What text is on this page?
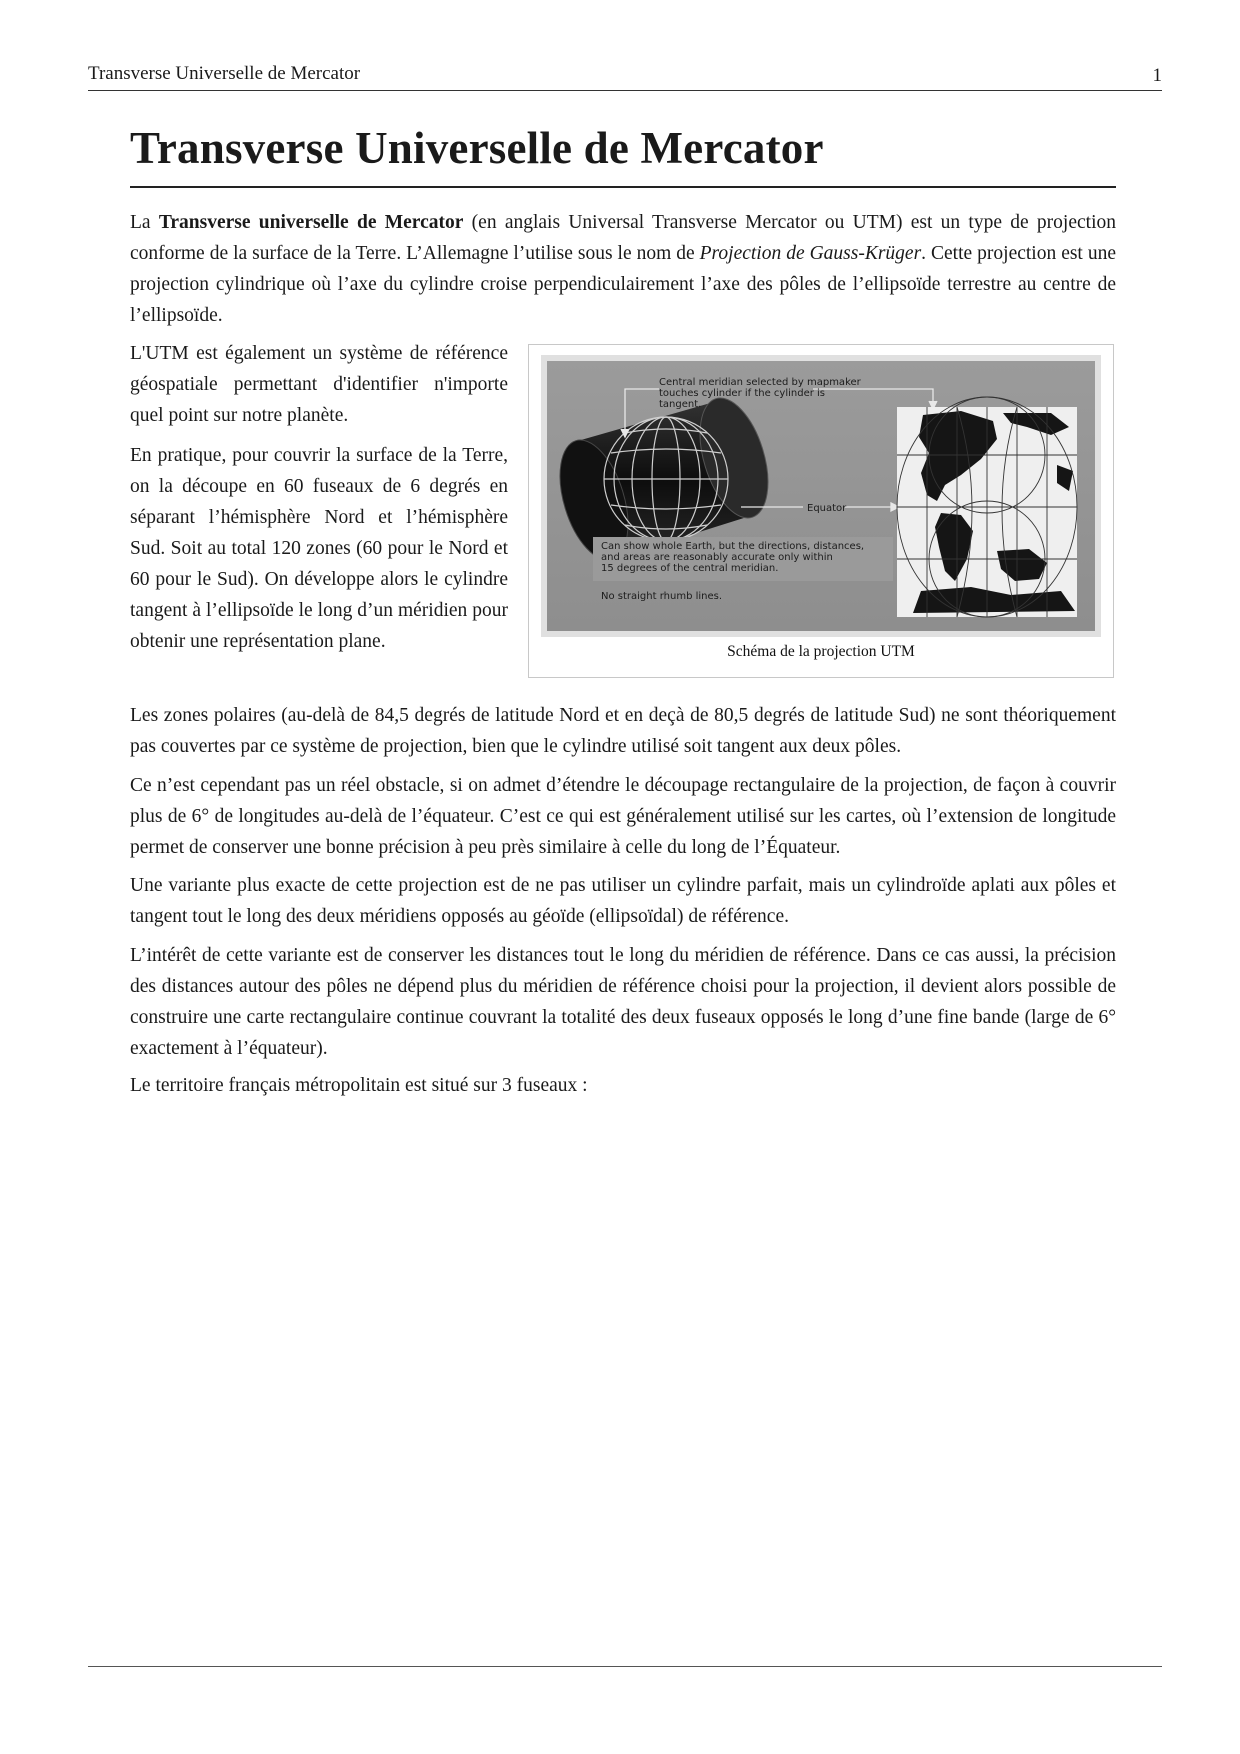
Transverse Universelle de Mercator	1
Transverse Universelle de Mercator

La Transverse universelle de Mercator (en anglais Universal Transverse Mercator ou UTM) est un type de projection conforme de la surface de la Terre. L’Allemagne l’utilise sous le nom de Projection de Gauss-Krüger. Cette projection est une projection cylindrique où l’axe du cylindre croise perpendiculairement l’axe des pôles de l’ellipsoïde terrestre au centre de l’ellipsoïde.

L'UTM est également un système de référence géospatiale permettant d'identifier n'importe quel point sur notre planète.

En pratique, pour couvrir la surface de la Terre, on la découpe en 60 fuseaux de 6 degrés en séparant l’hémisphère Nord et l’hémisphère Sud. Soit au total 120 zones (60 pour le Nord et 60 pour le Sud). On développe alors le cylindre tangent à l’ellipsoïde le long d’un méridien pour obtenir une représentation plane.

Central meridian selected by mapmaker
touches cylinder if the cylinder is
tangent.
Equator
Can show whole Earth, but the directions, distances,
and areas are reasonably accurate only within
15 degrees of the central meridian.
No straight rhumb lines.
Schéma de la projection UTM

Les zones polaires (au-delà de 84,5 degrés de latitude Nord et en deçà de 80,5 degrés de latitude Sud) ne sont théoriquement pas couvertes par ce système de projection, bien que le cylindre utilisé soit tangent aux deux pôles.

Ce n’est cependant pas un réel obstacle, si on admet d’étendre le découpage rectangulaire de la projection, de façon à couvrir plus de 6° de longitudes au-delà de l’équateur. C’est ce qui est généralement utilisé sur les cartes, où l’extension de longitude permet de conserver une bonne précision à peu près similaire à celle du long de l’Équateur.

Une variante plus exacte de cette projection est de ne pas utiliser un cylindre parfait, mais un cylindroïde aplati aux pôles et tangent tout le long des deux méridiens opposés au géoïde (ellipsoïdal) de référence.

L’intérêt de cette variante est de conserver les distances tout le long du méridien de référence. Dans ce cas aussi, la précision des distances autour des pôles ne dépend plus du méridien de référence choisi pour la projection, il devient alors possible de construire une carte rectangulaire continue couvrant la totalité des deux fuseaux opposés le long d’une fine bande (large de 6° exactement à l’équateur).

Le territoire français métropolitain est situé sur 3 fuseaux :
